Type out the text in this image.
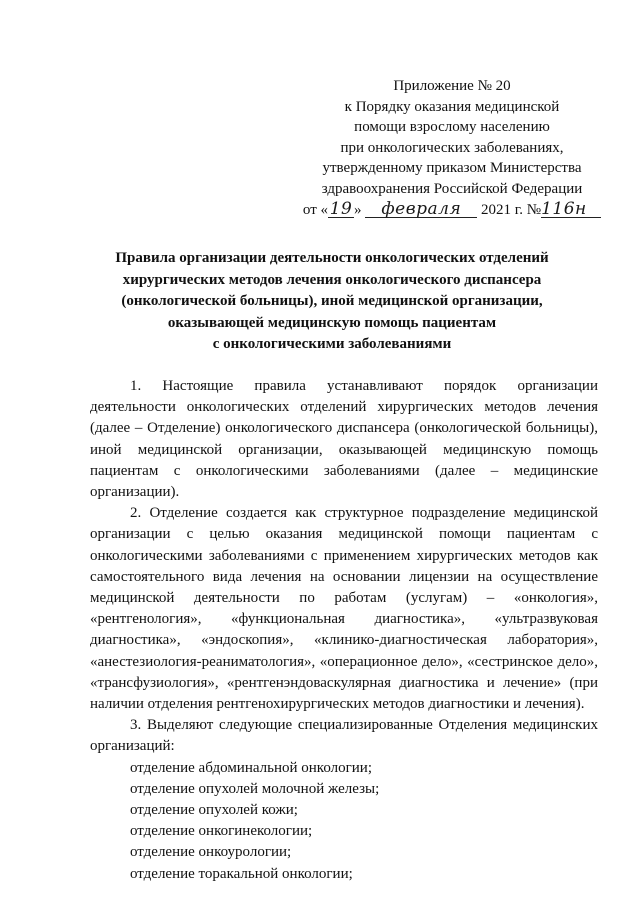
Приложение № 20
к Порядку оказания медицинской
помощи взрослому населению
при онкологических заболеваниях,
утвержденному приказом Министерства
здравоохранения Российской Федерации
от «19 » февраля 2021 г. №116н
Правила организации деятельности онкологических отделений
хирургических методов лечения онкологического диспансера
(онкологической больницы), иной медицинской организации,
оказывающей медицинскую помощь пациентам
с онкологическими заболеваниями

1. Настоящие правила устанавливают порядок организации деятельности онкологических отделений хирургических методов лечения (далее – Отделение) онкологического диспансера (онкологической больницы), иной медицинской организации, оказывающей медицинскую помощь пациентам с онкологическими заболеваниями (далее – медицинские организации).

2. Отделение создается как структурное подразделение медицинской организации с целью оказания медицинской помощи пациентам с онкологическими заболеваниями с применением хирургических методов как самостоятельного вида лечения на основании лицензии на осуществление медицинской деятельности по работам (услугам) – «онкология», «рентгенология», «функциональная диагностика», «ультразвуковая диагностика», «эндоскопия», «клинико-диагностическая лаборатория», «анестезиология-реаниматология», «операционное дело», «сестринское дело», «трансфузиология», «рентгенэндоваскулярная диагностика и лечение» (при наличии отделения рентгенохирургических методов диагностики и лечения).

3. Выделяют следующие специализированные Отделения медицинских организаций:

отделение абдоминальной онкологии;
отделение опухолей молочной железы;
отделение опухолей кожи;
отделение онкогинекологии;
отделение онкоурологии;
отделение торакальной онкологии;
